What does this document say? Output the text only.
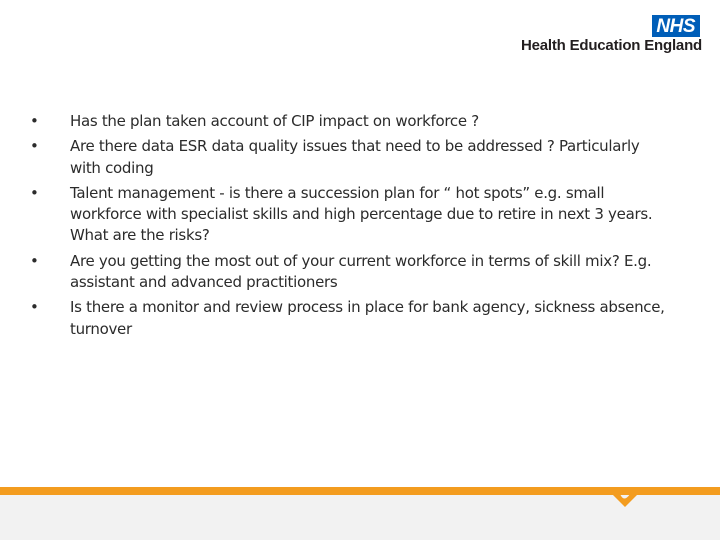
NHS
Health Education England
•	Has the plan taken account of CIP impact on workforce ?
•	Are there data ESR data quality issues that need to be addressed ? Particularly with coding
•	Talent management - is there a succession plan for “ hot spots” e.g. small workforce with specialist skills and high percentage due to retire in next 3 years. What are the risks?
•	Are you getting the most out of your current workforce in terms of skill mix? E.g. assistant and advanced practitioners
•	Is there a monitor and review process in place for bank agency, sickness absence, turnover
